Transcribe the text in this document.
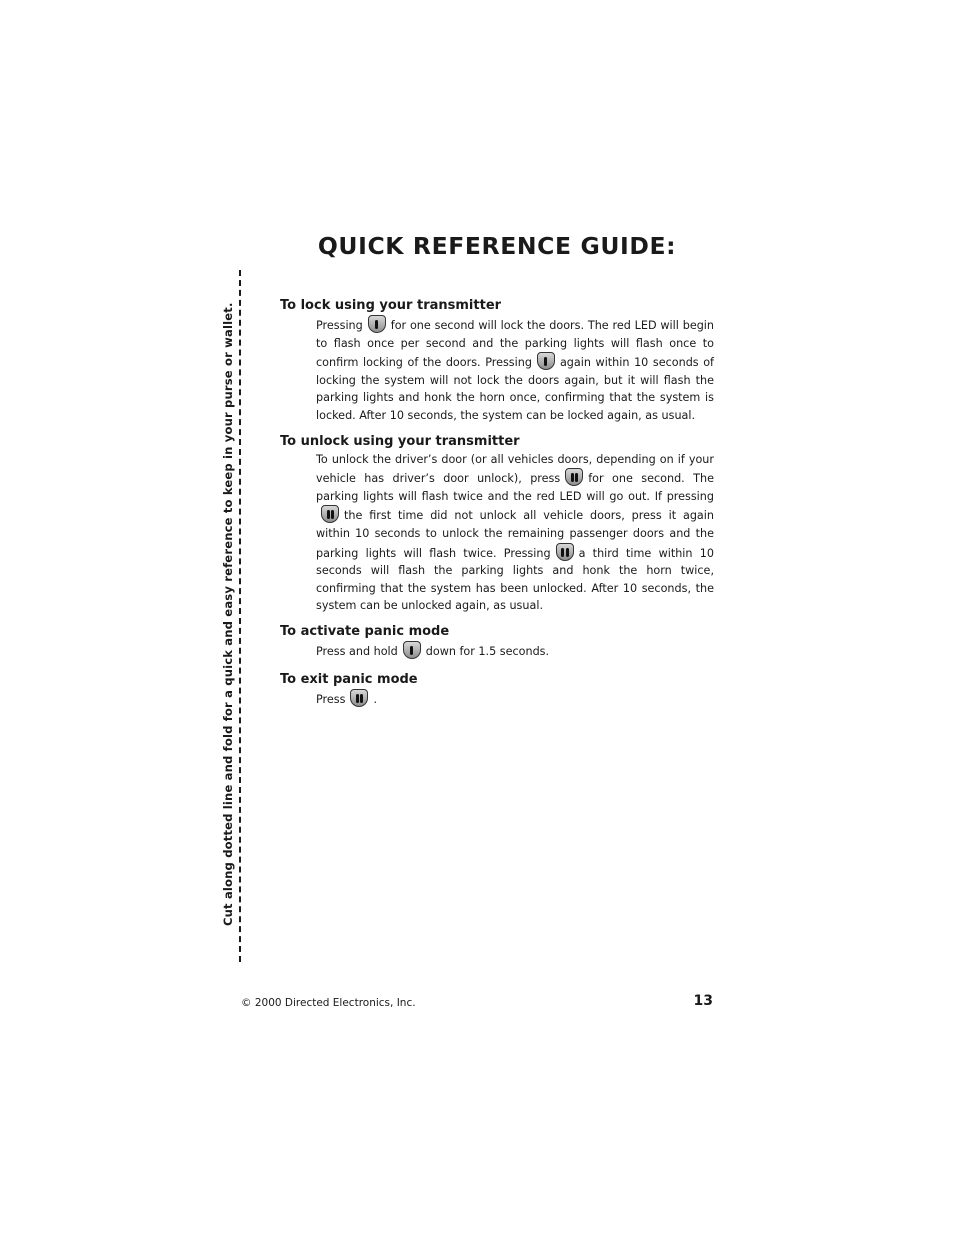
QUICK REFERENCE GUIDE:
Cut along dotted line and fold for a quick and easy reference to keep in your purse or wallet.	To lock using your transmitter

Pressing	for one second will lock the doors. The red LED will begin to flash once per second and the parking lights will flash once to confirm locking of the doors. Pressing	again within 10 seconds of locking the system will not lock the doors again, but it will flash the parking lights and honk the horn once, confirming that the system is locked. After 10 seconds, the system can be locked again, as usual.

To unlock using your transmitter

To unlock the driver’s door (or all vehicles doors, depending on if your vehicle has driver’s door unlock), press	for one second. The parking lights will flash twice and the red LED will go out. If pressing
the first time did not unlock all vehicle doors, press it again within 10 seconds to unlock the remaining passenger doors and the parking lights will flash twice. Pressing	a third time within 10 seconds will flash the parking lights and honk the horn twice, confirming that the system has been unlocked. After 10 seconds, the system can be unlocked again, as usual.

To activate panic mode

Press and hold	down for 1.5 seconds.

To exit panic mode

Press	.

© 2000 Directed Electronics, Inc.	13
